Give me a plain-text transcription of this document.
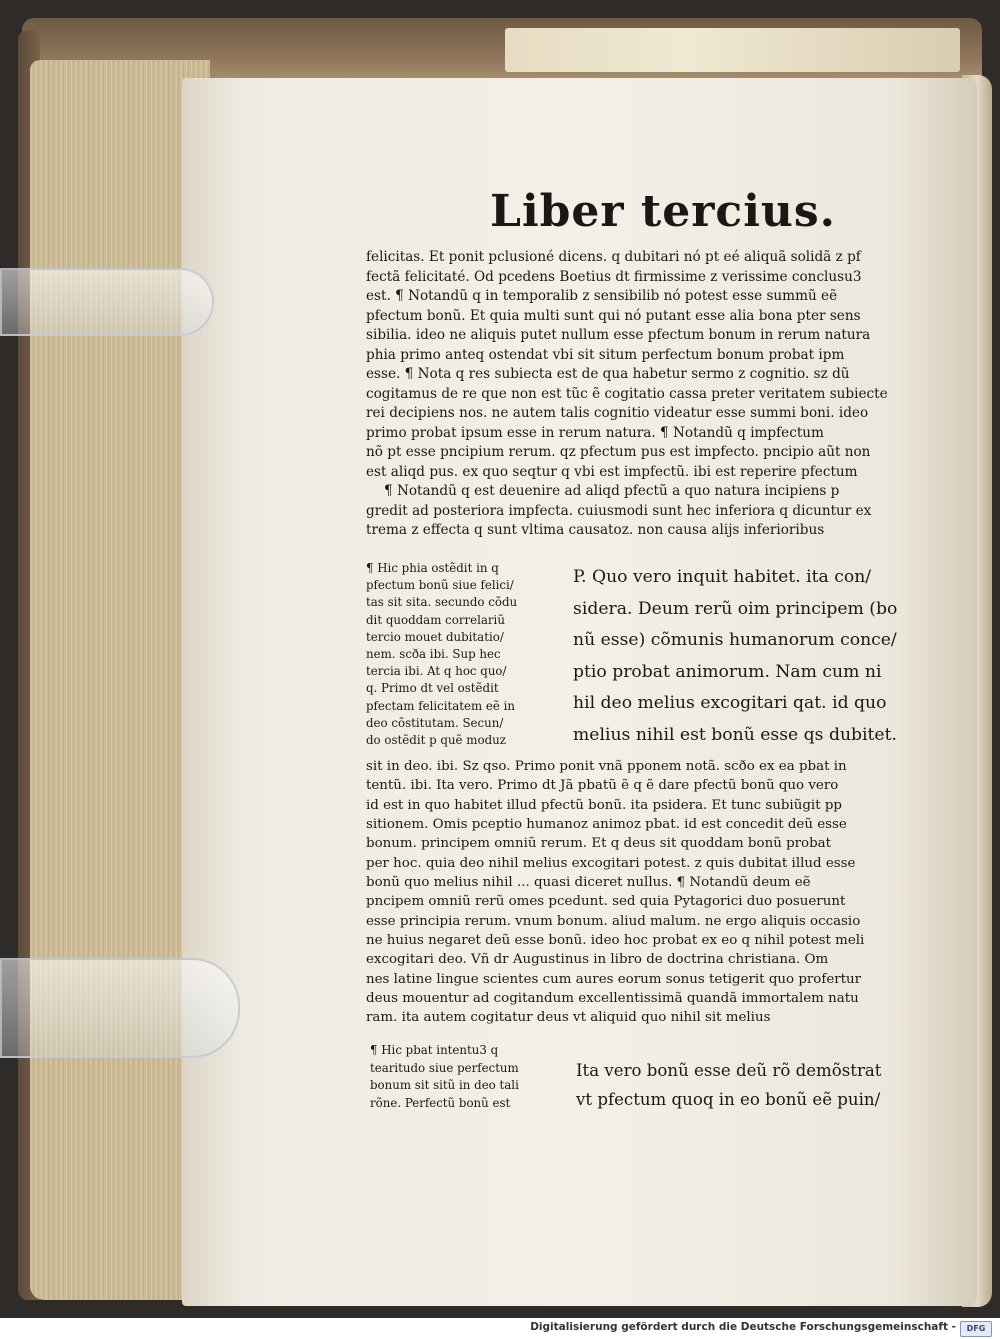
Liber tercius.
felicitas. Et ponit pclusioné dicens. q dubitari nó pt eé aliquã solidã z pf
fectã felicitaté. Od pcedens Boetius dt firmissime z verissime conclusu3
est. ¶ Notandũ q in temporalib z sensibilib nó potest esse summũ eẽ
pfectum bonũ. Et quia multi sunt qui nó putant esse alia bona pter sens
sibilia. ideo ne aliquis putet nullum esse pfectum bonum in rerum natura
phia primo anteq ostendat vbi sit situm perfectum bonum probat ipm
esse. ¶ Nota q res subiecta est de qua habetur sermo z cognitio. sz dũ
cogitamus de re que non est tũc ẽ cogitatio cassa preter veritatem subiecte
rei decipiens nos. ne autem talis cognitio videatur esse summi boni. ideo
primo probat ipsum esse in rerum natura. ¶ Notandũ q impfectum
nõ pt esse pncipium rerum. qz pfectum pus est impfecto. pncipio aũt non
est aliqd pus. ex quo seqtur q vbi est impfectũ. ibi est reperire pfectum
¶ Notandũ q est deuenire ad aliqd pfectũ a quo natura incipiens p
gredit ad posteriora impfecta. cuiusmodi sunt hec inferiora q dicuntur ex
trema z effecta q sunt vltima causatoz. non causa alijs inferioribus
¶ Hic phia ostẽdit in q
pfectum bonũ siue felici/
tas sit sita. secundo cõdu
dit quoddam correlariũ
tercio mouet dubitatio/
nem. scða ibi. Sup hec
tercia ibi. At q hoc quo/
q. Primo dt vel ostẽdit
pfectam felicitatem eẽ in
deo cõstitutam. Secun/
do ostẽdit p quẽ moduz
P. Quo vero inquit habitet. ita con/
sidera. Deum rerũ oim principem (bo
nũ esse) cõmunis humanorum conce/
ptio probat animorum. Nam cum ni
hil deo melius excogitari qat. id quo
melius nihil est bonũ esse qs dubitet.
sit in deo. ibi. Sz qso. Primo ponit vnã pponem notã. scðo ex ea pbat in
tentũ. ibi. Ita vero. Primo dt Jã pbatũ ẽ q ẽ dare pfectũ bonũ quo vero
id est in quo habitet illud pfectũ bonũ. ita psidera. Et tunc subiũgit pp
sitionem. Omis pceptio humanoz animoz pbat. id est concedit deũ esse
bonum. principem omniũ rerum. Et q deus sit quoddam bonũ probat
per hoc. quia deo nihil melius excogitari potest. z quis dubitat illud esse
bonũ quo melius nihil ... quasi diceret nullus. ¶ Notandũ deum eẽ
pncipem omniũ rerũ omes pcedunt. sed quia Pytagorici duo posuerunt
esse principia rerum. vnum bonum. aliud malum. ne ergo aliquis occasio
ne huius negaret deũ esse bonũ. ideo hoc probat ex eo q nihil potest meli
excogitari deo. Vñ dr Augustinus in libro de doctrina christiana. Om
nes latine lingue scientes cum aures eorum sonus tetigerit quo profertur
deus mouentur ad cogitandum excellentissimã quandã immortalem natu
ram. ita autem cogitatur deus vt aliquid quo nihil sit melius
¶ Hic pbat intentu3 q
tearitudo siue perfectum
bonum sit sitũ in deo tali
rõne. Perfectũ bonũ est
Ita vero bonũ esse deũ rõ demõstrat
vt pfectum quoq in eo bonũ eẽ puin/
Digitalisierung gefördert durch die Deutsche Forschungsgemeinschaft -	DFG
